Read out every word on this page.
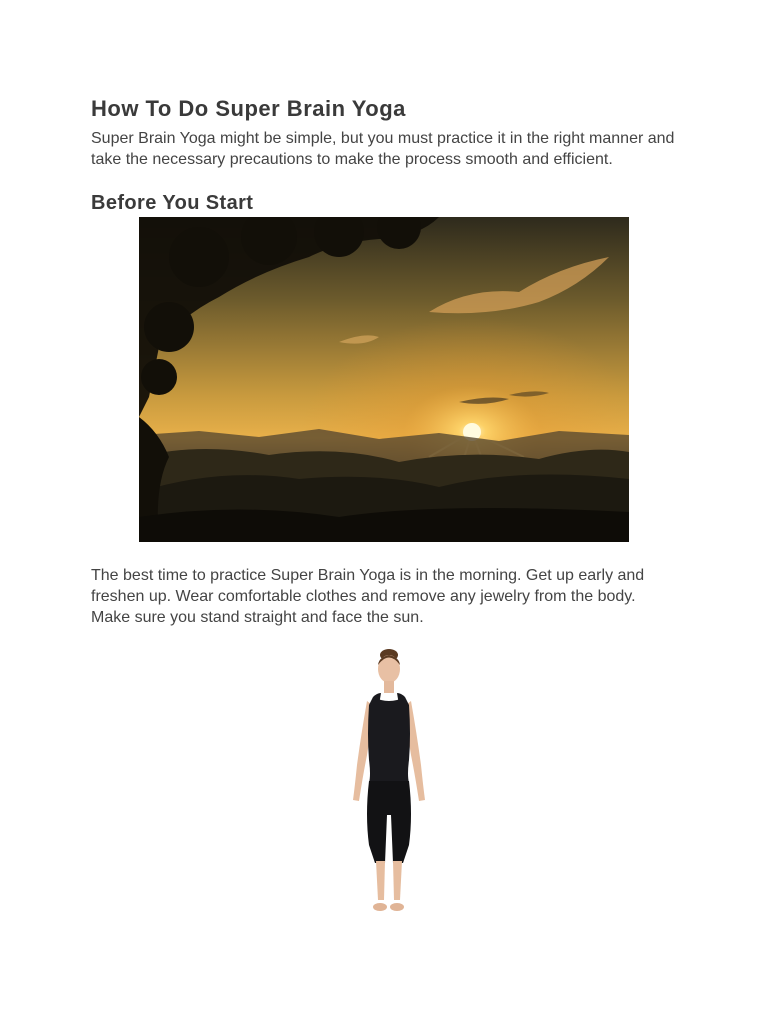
How To Do Super Brain Yoga

Super Brain Yoga might be simple, but you must practice it in the right manner and take the necessary precautions to make the process smooth and efficient.

Before You Start

The best time to practice Super Brain Yoga is in the morning. Get up early and freshen up. Wear comfortable clothes and remove any jewelry from the body. Make sure you stand straight and face the sun.
